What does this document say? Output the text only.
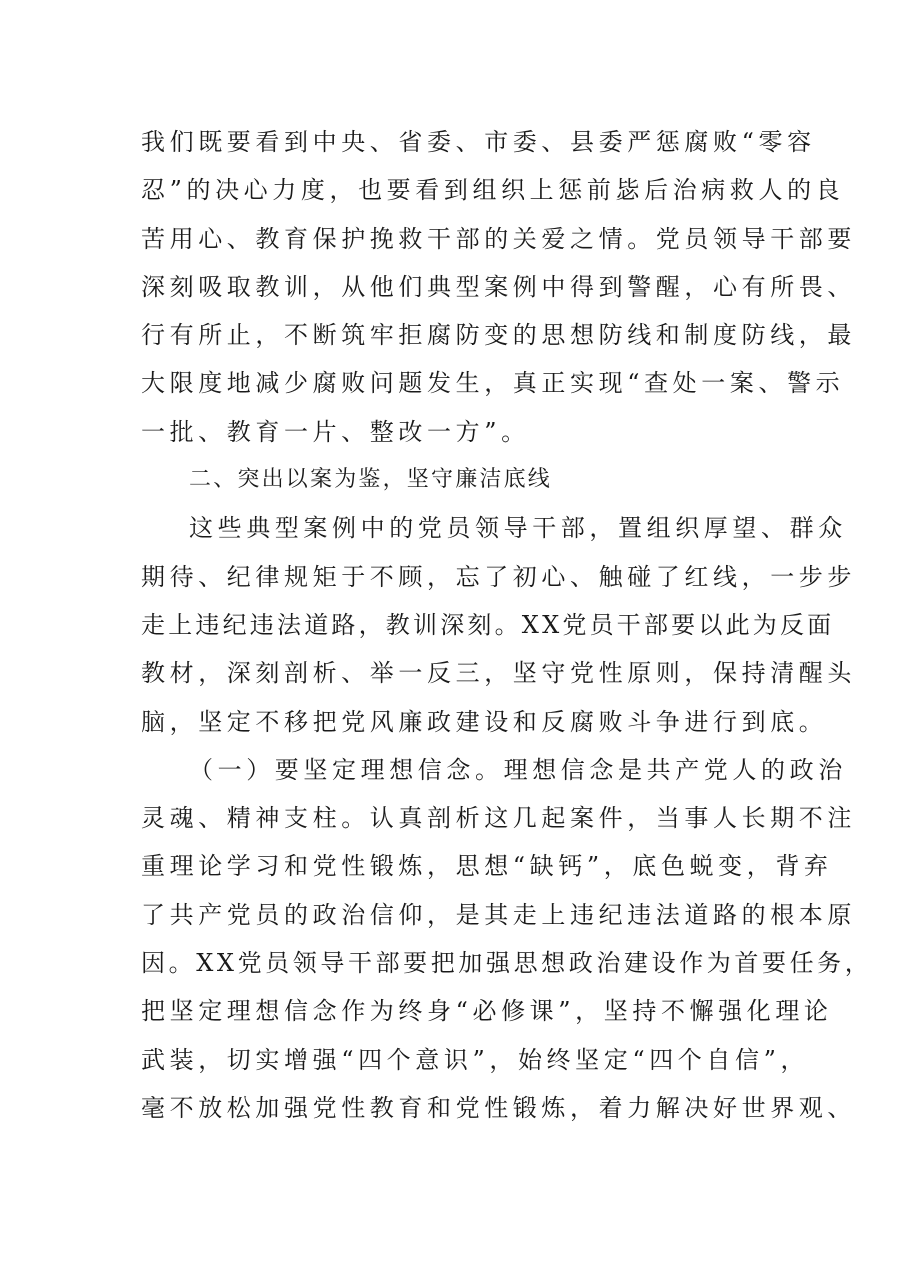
我们既要看到中央、省委、市委、县委严惩腐败“零容
忍”的决心力度，也要看到组织上惩前毖后治病救人的良
苦用心、教育保护挽救干部的关爱之情。党员领导干部要
深刻吸取教训，从他们典型案例中得到警醒，心有所畏、
行有所止，不断筑牢拒腐防变的思想防线和制度防线，最
大限度地减少腐败问题发生，真正实现“查处一案、警示
一批、教育一片、整改一方”。
二、突出以案为鉴，坚守廉洁底线
这些典型案例中的党员领导干部，置组织厚望、群众
期待、纪律规矩于不顾，忘了初心、触碰了红线，一步步
走上违纪违法道路，教训深刻。XX党员干部要以此为反面
教材，深刻剖析、举一反三，坚守党性原则，保持清醒头
脑，坚定不移把党风廉政建设和反腐败斗争进行到底。
（一）要坚定理想信念。理想信念是共产党人的政治
灵魂、精神支柱。认真剖析这几起案件，当事人长期不注
重理论学习和党性锻炼，思想“缺钙”，底色蜕变，背弃
了共产党员的政治信仰，是其走上违纪违法道路的根本原
因。XX党员领导干部要把加强思想政治建设作为首要任务，
把坚定理想信念作为终身“必修课”，坚持不懈强化理论
武装，切实增强“四个意识”，始终坚定“四个自信”，
毫不放松加强党性教育和党性锻炼，着力解决好世界观、
